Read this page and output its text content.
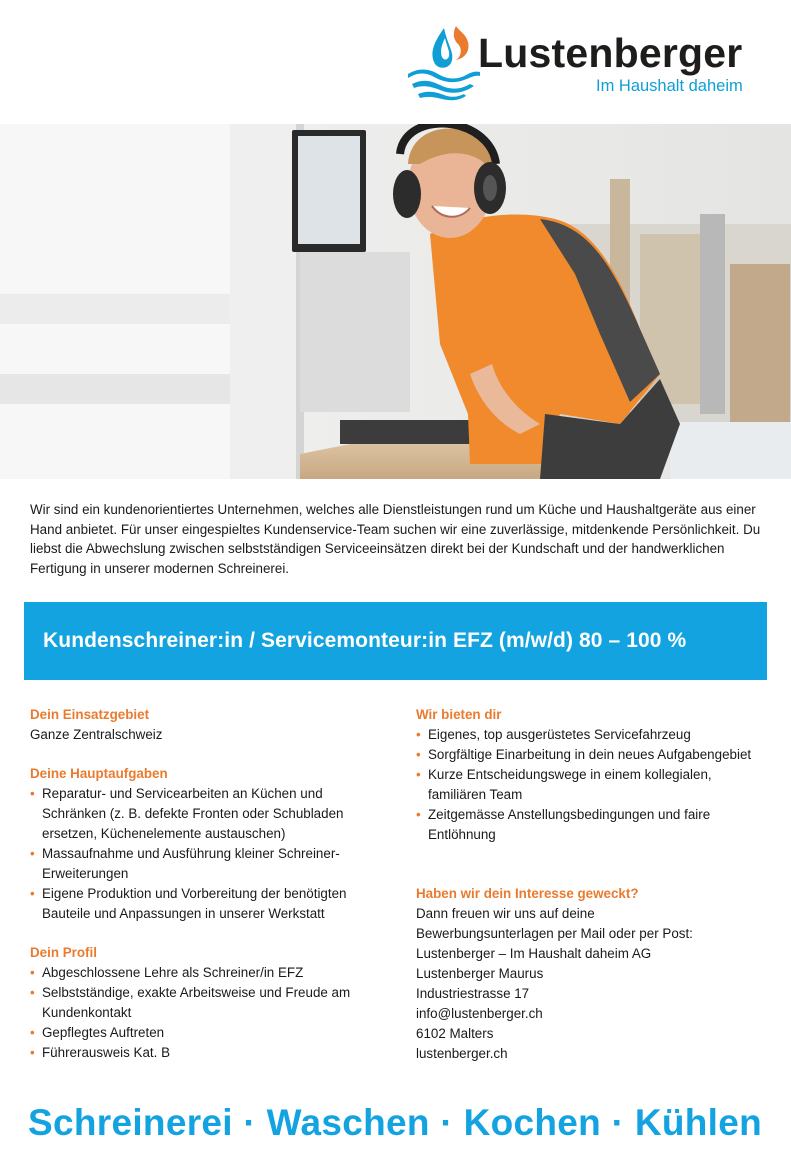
Lustenberger
Im Haushalt daheim
Wir sind ein kundenorientiertes Unternehmen, welches alle Dienstleistungen rund um Küche und Haushaltgeräte aus einer Hand anbietet. Für unser eingespieltes Kundenservice-Team suchen wir eine zuverlässige, mitdenkende Persönlichkeit. Du liebst die Abwechslung zwischen selbstständigen Serviceeinsätzen direkt bei der Kundschaft und der handwerklichen Fertigung in unserer modernen Schreinerei.
Kundenschreiner:in / Servicemonteur:in EFZ (m/w/d) 80 – 100 %
Dein Einsatzgebiet
Ganze Zentralschweiz
Deine Hauptaufgaben
• Reparatur- und Servicearbeiten an Küchen und Schränken (z. B. defekte Fronten oder Schubladen ersetzen, Küchenelemente austauschen)
• Massaufnahme und Ausführung kleiner Schreiner-Erweiterungen
• Eigene Produktion und Vorbereitung der benötigten Bauteile und Anpassungen in unserer Werkstatt
Dein Profil
• Abgeschlossene Lehre als Schreiner/in EFZ
• Selbstständige, exakte Arbeitsweise und Freude am Kundenkontakt
• Gepflegtes Auftreten
• Führerausweis Kat. B
Wir bieten dir
• Eigenes, top ausgerüstetes Servicefahrzeug
• Sorgfältige Einarbeitung in dein neues Aufgabengebiet
• Kurze Entscheidungswege in einem kollegialen, familiären Team
• Zeitgemässe Anstellungsbedingungen und faire Entlöhnung
Haben wir dein Interesse geweckt?
Dann freuen wir uns auf deine
Bewerbungsunterlagen per Mail oder per Post:
Lustenberger – Im Haushalt daheim AG
Lustenberger Maurus
Industriestrasse 17
info@lustenberger.ch
6102 Malters
lustenberger.ch
Schreinerei · Waschen · Kochen · Kühlen
